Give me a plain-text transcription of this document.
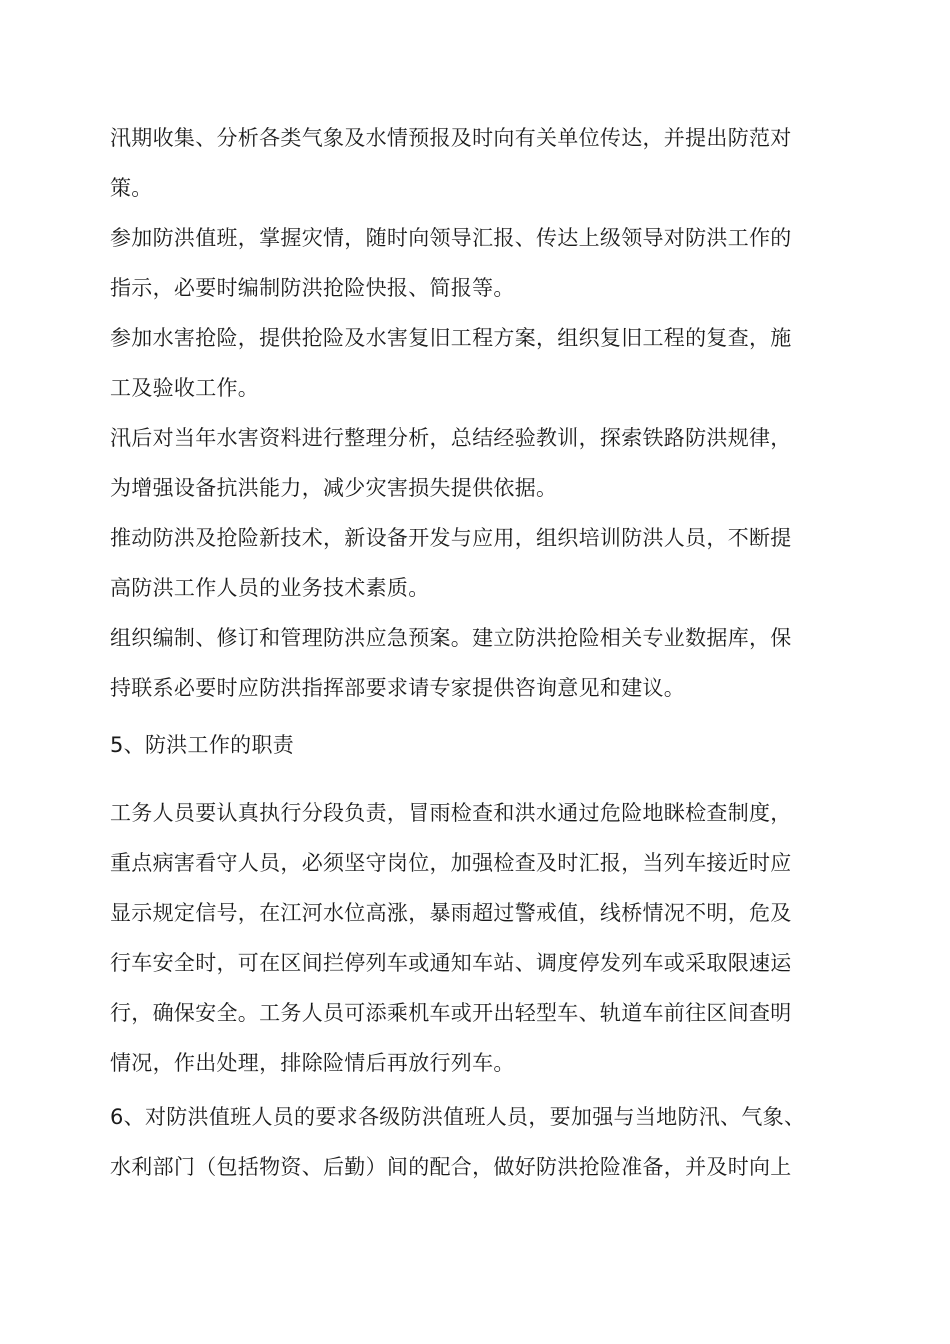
汛期收集、分析各类气象及水情预报及时向有关单位传达，并提出防范对
策。

参加防洪值班，掌握灾情，随时向领导汇报、传达上级领导对防洪工作的
指示，必要时编制防洪抢险快报、简报等。

参加水害抢险，提供抢险及水害复旧工程方案，组织复旧工程的复查，施
工及验收工作。

汛后对当年水害资料进行整理分析，总结经验教训，探索铁路防洪规律，
为增强设备抗洪能力，减少灾害损失提供依据。

推动防洪及抢险新技术，新设备开发与应用，组织培训防洪人员，不断提
高防洪工作人员的业务技术素质。

组织编制、修订和管理防洪应急预案。建立防洪抢险相关专业数据库，保
持联系必要时应防洪指挥部要求请专家提供咨询意见和建议。

5、防洪工作的职责

工务人员要认真执行分段负责，冒雨检查和洪水通过危险地眯检查制度，
重点病害看守人员，必须坚守岗位，加强检查及时汇报，当列车接近时应
显示规定信号，在江河水位高涨，暴雨超过警戒值，线桥情况不明，危及
行车安全时，可在区间拦停列车或通知车站、调度停发列车或采取限速运
行，确保安全。工务人员可添乘机车或开出轻型车、轨道车前往区间查明
情况，作出处理，排除险情后再放行列车。

6、对防洪值班人员的要求各级防洪值班人员，要加强与当地防汛、气象、
水利部门（包括物资、后勤）间的配合，做好防洪抢险准备，并及时向上
